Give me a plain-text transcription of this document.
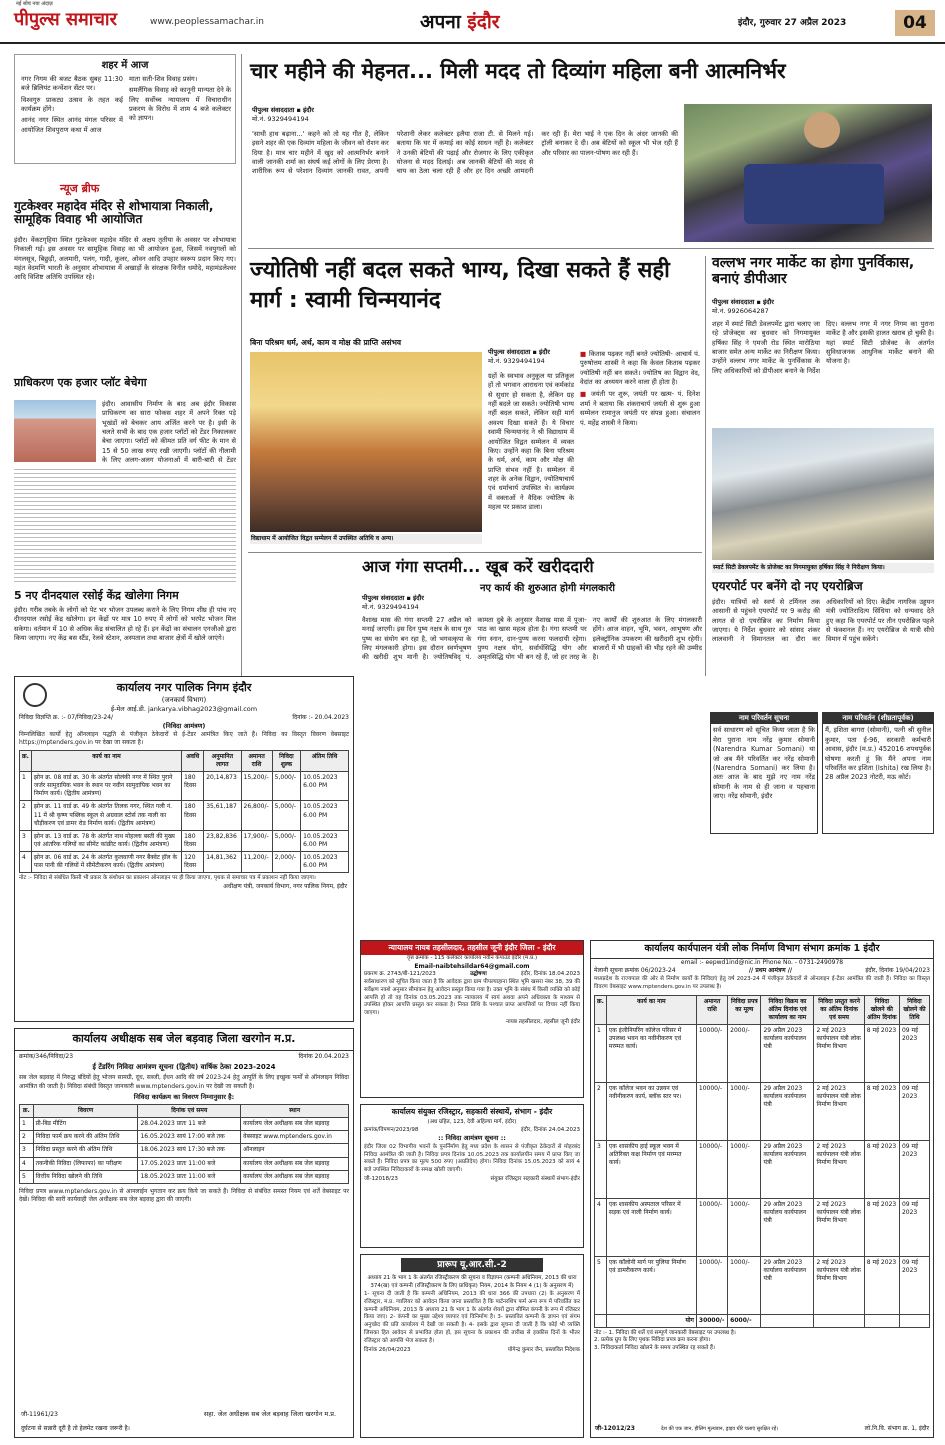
नई सोच नया अंदाज़
पीपुल्स समाचार	www.peoplessamachar.in	अपना इंदौर	इंदौर, गुरुवार 27 अप्रैल 2023	04
शहर में आज
नगर निगम की बजट बैठक सुबह 11:30 बजे ब्रिलियंट कन्वेंशन सेंटर पर।
विश्वगुरु प्राकट्य उत्सव के तहत कई कार्यक्रम होंगे।
आनंद नगर स्थित आनंद मंगल परिसर में आयोजित शिवपुराण कथा में आज
माता सती-शिव विवाह प्रसंग।
समलैंगिक विवाह को कानूनी मान्यता देने के लिए सर्वोच्च न्यायालय में विचाराधीन प्रकरण के विरोध में शाम 4 बजे कलेक्टर को ज्ञापन।
न्यूज ब्रीफ
गुटकेश्वर महादेव मंदिर से शोभायात्रा निकाली, सामूहिक विवाह भी आयोजित
इंदौर। वेंकटगृहिया स्थित गुटकेश्वर महादेव मंदिर से अक्षय तृतीया के अवसर पर शोभायात्रा निकाली गई। इस अवसर पर सामूहिक विवाह का भी आयोजन हुआ, जिसमें नवयुगलों को मंगलसूत्र, बिछुड़ी, अलमारी, पलंग, गादी, कूलर, ओवन आदि उपहार स्वरूप प्रदान किए गए। महंत वेदमणि भारती के अनुसार शोभायात्रा में अखाड़ों के संरक्षक विनीत धमोदे, महामंडलेश्वर आदि विशिष्ट अतिथि उपस्थित रहे।
प्राधिकरण एक हजार प्लॉट बेचेगा
इंदौर। आवासीय निर्माण के बाद अब इंदौर विकास प्राधिकरण का सारा फोकस शहर में अपने रिक्त पड़े भूखंडों को बेचकर आय अर्जित करने पर है। इसी के चलते सभी के बाद एक हजार प्लॉटों को टेंडर निकालकर बेचा जाएगा। प्लॉटों को कीमत प्रति वर्ग फीट के मान से 15 से 50 लाख रुपए रखी जाएगी। प्लॉटों की नीलामी के लिए अलग-अलग योजनाओं में बारी-बारी से टेंडर
5 नए दीनदयाल रसोई केंद्र खोलेगा निगम
इंदौर। गरीब तबके के लोगों को पेट भर भोजन उपलब्ध कराने के लिए निगम शीघ्र ही पांच नए दीनदयाल रसोई केंद्र खोलेगा। इन केंद्रों पर मात्र 10 रुपए में लोगों को भरपेट भोजन मिल सकेगा। वर्तमान में 10 से अधिक केंद्र संचालित हो रहे हैं। इन केंद्रों का संचालन एनजीओ द्वारा किया जाएगा। नए केंद्र बस स्टैंड, रेलवे स्टेशन, अस्पताल तथा बाजार क्षेत्रों में खोले जाएंगे।
चार महीने की मेहनत... मिली मदद तो दिव्यांग महिला बनी आत्मनिर्भर
पीपुल्स संवाददाता ▪ इंदौर
मो.नं. 9329494194
'साथी हाथ बढ़ाना...' कहने को तो यह गीत है, लेकिन इसने शहर की एक दिव्यांग महिला के जीवन को रोशन कर दिया है। मात्र चार महीने में खुद को आत्मनिर्भर बनाने वाली जानकी शर्मा का संघर्ष कई लोगों के लिए प्रेरणा है। शारीरिक रूप से परेशान दिव्यांग जानकी रावत, अपनी परेशानी लेकर कलेक्टर इलैया राजा टी. से मिलने गई। बताया कि घर में कमाई का कोई साधन नहीं है। कलेक्टर ने उनकी बेटियों की पढ़ाई और रोजगार के लिए एकीकृत योजना से मदद दिलाई। अब जानकी बेटियों की मदद से चाय का ठेला चला रही हैं और हर दिन अच्छी आमदनी कर रही हैं। मेरा भाई ने एक दिन के अंदर जानकी की ट्रॉली बनाकर दे दी। अब बेटियों को स्कूल भी भेज रही हैं और परिवार का पालन-पोषण कर रही हैं।
ज्योतिषी नहीं बदल सकते भाग्य, दिखा सकते हैं सही मार्ग : स्वामी चिन्मयानंद
बिना परिश्रम धर्म, अर्थ, काम व मोक्ष की प्राप्ति असंभव
विद्याधाम में आयोजित विद्वत सम्मेलन में उपस्थित अतिथि व अन्य।
पीपुल्स संवाददाता ▪ इंदौर
मो.नं. 9329494194
ग्रहों के स्वभाव अनुकूल या प्रतिकूल हों तो भगवान आराधना एवं कर्मकांड से सुधार हो सकता है, लेकिन ग्रह नहीं बदले जा सकते। ज्योतिषी भाग्य नहीं बदल सकते, लेकिन सही मार्ग अवश्य दिखा सकते हैं। ये विचार स्वामी चिन्मयानंद ने श्री विद्याधाम में आयोजित विद्वत सम्मेलन में व्यक्त किए। उन्होंने कहा कि बिना परिश्रम के धर्म, अर्थ, काम और मोक्ष की प्राप्ति संभव नहीं है। सम्मेलन में शहर के अनेक विद्वान, ज्योतिषाचार्य एवं धर्माचार्य उपस्थित थे। कार्यक्रम में वक्ताओं ने वैदिक ज्योतिष के महत्व पर प्रकाश डाला।
■ किताब पढ़कर नहीं बनते ज्योतिषी- आचार्य पं. पुरुषोत्तम शास्त्री ने कहा कि केवल किताब पढ़कर ज्योतिषी नहीं बन सकते। ज्योतिष का विद्वान वेद, वेदांत का अध्ययन करने वाला ही होता है।
■ जयंती पर शुरू, जयंती पर खत्म- पं. दिनेश शर्मा ने बताया कि शंकराचार्य जयंती से शुरू हुआ सम्मेलन रामानुज जयंती पर संपन्न हुआ। संचालन पं. महेंद्र शास्त्री ने किया।
वल्लभ नगर मार्केट का होगा पुनर्विकास, बनाएं डीपीआर
पीपुल्स संवाददाता ▪ इंदौर
मो.नं. 9926064287
शहर में स्मार्ट सिटी डेवलपमेंट द्वारा चलाए जा रहे प्रोजेक्ट्स का बुधवार को निगमायुक्त हर्षिका सिंह ने एमजी रोड स्थित मारोठिया बाजार समेत अन्य मार्केट का निरीक्षण किया। उन्होंने वल्लभ नगर मार्केट के पुनर्विकास के लिए अधिकारियों को डीपीआर बनाने के निर्देश दिए। वल्लभ नगर में नगर निगम का पुराना मार्केट है और इसकी हालत खराब हो चुकी है। यहां स्मार्ट सिटी प्रोजेक्ट के अंतर्गत सुविधाजनक आधुनिक मार्केट बनाने की योजना है।
स्मार्ट सिटी डेवलपमेंट के प्रोजेक्ट का निगमायुक्त हर्षिका सिंह ने निरीक्षण किया।
एयरपोर्ट पर बनेंगे दो नए एयरोब्रिज
इंदौर। यात्रियों को स्वर्ण से टर्मिनल तक आसानी से पहुंचने एयरपोर्ट पर 9 करोड़ की लागत से दो एयरोब्रिज का निर्माण किया जाएगा। ये निर्देश बुधवार को सांसद शंकर लालवानी ने विमानतल का दौरा कर अधिकारियों को दिए। केंद्रीय नागरिक उड्डयन मंत्री ज्योतिरादित्य सिंधिया को धन्यवाद देते हुए कहा कि एयरपोर्ट पर तीन एयरोब्रिज पहले से फंक्शनल हैं। नए एयरोब्रिज से यात्री सीधे विमान में पहुंच सकेंगे।
नाम परिवर्तन सूचना
सर्व साधारण को सूचित किया जाता है कि मेरा पुराना नाम नरेंद्र कुमार सोमानी (Narendra Kumar Somani) था जो अब मैंने परिवर्तित कर नरेंद्र सोमानी (Narendra Somani) कर लिया है। अतः आज के बाद मुझे नए नाम नरेंद्र सोमानी के नाम से ही जाना व पहचाना जाए। नरेंद्र सोमानी, इंदौर
नाम परिवर्तन (शीघ्रतापूर्वक)
मैं, इशिता बागरा (सोमानी), पत्नी श्री सुनील कुमार, पता ई-96, सरकारी कर्मचारी आवास, इंदौर (म.प्र.) 452016 शपथपूर्वक घोषणा करती हूं कि मैंने अपना नाम परिवर्तित कर इशिता (Ishita) रख लिया है। 28 अप्रैल 2023 नोटरी, मऊ कोर्ट।
आज गंगा सप्तमी... खूब करें खरीददारी
नए कार्य की शुरुआत होगी मंगलकारी
पीपुल्स संवाददाता ▪ इंदौर
मो.नं. 9329494194
वैशाख मास की गंगा सप्तमी 27 अप्रैल को मनाई जाएगी। इस दिन पुष्य नक्षत्र के साथ गुरु पुष्य का संयोग बन रहा है, जो भगवत्कृपा के लिए मंगलकारी होगा। इस दौरान स्वर्णभूषण की खरीदी शुभ मानी है। ज्योतिषविद् पं. कामता दुबे के अनुसार वैशाख मास में पूजा-पाठ का खास महत्व होता है। गंगा सप्तमी पर गंगा स्नान, दान-पुण्य करना फलदायी रहेगा। पुण्य नक्षत्र योग, सर्वार्थसिद्धि योग और अमृतसिद्धि योग भी बन रहे हैं, जो हर तरह के नए कार्यों की शुरुआत के लिए मंगलकारी होंगे। आज वाहन, भूमि, भवन, आभूषण और इलेक्ट्रॉनिक उपकरण की खरीदारी शुभ रहेगी। बाजारों में भी ग्राहकों की भीड़ रहने की उम्मीद है।
कार्यालय नगर पालिक निगम इंदौर
(जनकार्य विभाग)
ई-मेल आई.डी. jankarya.vibhag2023@gmail.com
निविदा विज्ञप्ति क्र. :- 07/निविदा/23-24/	दिनांक :- 20.04.2023
(निविदा आमंत्रण)
निम्नलिखित कार्यों हेतु ऑनलाइन पद्धति से पंजीकृत ठेकेदारों से ई-टेंडर आमंत्रित किए जाते हैं। निविदा का विस्तृत विवरण वेबसाइट https://mptenders.gov.in पर देखा जा सकता है।
क्र.	कार्य का नाम	अवधि	अनुमानित लागत	अमानत राशि	निविदा शुल्क	अंतिम तिथि
1	झोन क्र. 08 वार्ड क्र. 30 के अंतर्गत सोलंकी नगर में स्थित पुराने जर्जर सामुदायिक भवन के स्थान पर नवीन सामुदायिक भवन का निर्माण कार्य। (द्वितीय आमंत्रण)	180 दिवस	20,14,873	15,200/-	5,000/-	10.05.2023 6.00 PM
2	झोन क्र. 11 वार्ड क्र. 49 के अंतर्गत तिलक नगर, स्थित गली नं. 11 में श्री कृष्ण पब्लिक स्कूल से अग्रवाल स्टोर्स तक नाली का चौड़ीकरण एवं डामर रोड निर्माण कार्य। (द्वितीय आमंत्रण)	180 दिवस	35,61,187	26,800/-	5,000/-	10.05.2023 6.00 PM
3	झोन क्र. 13 वार्ड क्र. 78 के अंतर्गत नाथ मोहल्ला बस्ती की मुख्य एवं आंतरिक गलियों का सीमेंट कांक्रीट कार्य। (द्वितीय आमंत्रण)	180 दिवस	23,82,836	17,900/-	5,000/-	10.05.2023 6.00 PM
4	झोन क्र. 06 वार्ड क्र. 24 के अंतर्गत कुलवाणी नगर बैंक्वेट हॉल के पास पानी की गलियों में सीमेंटीकरण कार्य। (द्वितीय आमंत्रण)	120 दिवस	14,81,362	11,200/-	2,000/-	10.05.2023 6.00 PM
नोट :- निविदा से संबंधित किसी भी प्रकार के संशोधन का प्रकाशन ऑनलाइन पर ही किया जाएगा, पृथक से समाचार पत्र में प्रकाशन नहीं किया जाएगा।
अधीक्षण यंत्री, जनकार्य विभाग, नगर पालिक निगम, इंदौर
कार्यालय अधीक्षक सब जेल बड़वाह जिला खरगोन म.प्र.
क्रमांक/346/निविदा/23	दिनांक 20.04.2023
ई टेंडरिंग निविदा आमंत्रण सूचना (द्वितीय) वार्षिक ठेका 2023-2024
सब जेल बड़वाह में निरुद्ध बंदियों हेतु भोजन सामग्री, दूध, सब्जी, ईंधन आदि की वर्ष 2023-24 हेतु आपूर्ति के लिए इच्छुक फर्मों से ऑनलाइन निविदा आमंत्रित की जाती है। निविदा संबंधी विस्तृत जानकारी www.mptenders.gov.in पर देखी जा सकती है।
निविदा कार्यक्रम का विवरण निम्नानुसार है:
क्र.	विवरण	दिनांक एवं समय	स्थान
1	प्री-बिड मीटिंग	28.04.2023 प्रातः 11 बजे	कार्यालय जेल अधीक्षक सब जेल बड़वाह
2	निविदा फार्म क्रय करने की अंतिम तिथि	16.05.2023 सायं 17:00 बजे तक	वेबसाइट www.mptenders.gov.in
3	निविदा प्रस्तुत करने की अंतिम तिथि	18.06.2023 सायं 17:30 बजे तक	ऑनलाइन
4	तकनीकी निविदा (लिफाफा) का परीक्षण	17.05.2023 प्रातः 11:00 बजे	कार्यालय जेल अधीक्षक सब जेल बड़वाह
5	वित्तीय निविदा खोलने की तिथि	18.05.2023 प्रातः 11:00 बजे	कार्यालय जेल अधीक्षक सब जेल बड़वाह
निविदा प्रपत्र www.mptenders.gov.in से आनलाईन भुगतान कर क्रय किये जा सकते हैं। निविदा से संबंधित समस्त नियम एवं शर्तें वेबसाइट पर देखें। निविदा की सारी कार्यवाही जेल अधीक्षक सब जेल बड़वाह द्वारा की जाएगी।
जी-11961/23	सहा. जेल अधीक्षक सब जेल बड़वाह जिला खरगोन म.प्र.
दुर्घटना से सन्नारी दूरी है तो हेलमेट रखना जरूरी है।
न्यायालय नायब तहसीलदार, तहसील जूनी इंदौर जिला - इंदौर
वृत्त क्रमांक - 115 कलेक्टर कार्यालय नवीन कंपाउंड इंदौर (म.प्र.)
Email-naibtehsildar64@gmail.com
प्रकरण क्र. 2743/बी-121/2023	उद्घोषणा	इंदौर, दिनांक 18.04.2023
सर्वसाधारण को सूचित किया जाता है कि आवेदक द्वारा ग्राम पीपल्याहाना स्थित भूमि खसरा नंबर 38, 39 की सर्वेक्षण नक्शे अनुसार सीमांकन हेतु आवेदन प्रस्तुत किया गया है। उक्त भूमि के संबंध में किसी व्यक्ति को कोई आपत्ति हो तो वह दिनांक 03.05.2023 तक न्यायालय में स्वयं अथवा अपने अधिवक्ता के माध्यम से उपस्थित होकर आपत्ति प्रस्तुत कर सकता है। नियत तिथि के पश्चात प्राप्त आपत्तियों पर विचार नहीं किया जाएगा।
नायब तहसीलदार, तहसील जूनी इंदौर
कार्यालय संयुक्त रजिस्ट्रार, सहकारी संस्थायें, संभाग - इंदौर
(अध ग्रहित, 123, देवी अहिल्या मार्ग, इंदौर)
क्रमांक/विपणन/2023/98	इंदौर, दिनांक 24.04.2023
:: निविदा आमंत्रण सूचना ::
इंदौर जिला 02 विभागीय भवनों के पुनर्निर्माण हेतु मध्य प्रदेश के शासन से पंजीकृत ठेकेदारों से मोहरबंद निविदा आमंत्रित की जाती है। निविदा प्रपत्र दिनांक 10.05.2023 तक कार्यालयीन समय में प्राप्त किए जा सकते हैं। निविदा प्रपत्र का मूल्य 500 रुपए (अप्रतिदेय) होगा। निविदा दिनांक 15.05.2023 को सायं 4 बजे उपस्थित निविदाकारों के समक्ष खोली जाएगी।
जी-12018/23	संयुक्त रजिस्ट्रार सहकारी संस्थायें संभाग-इंदौर
प्रारूप यू.आर.सी.-2
अध्याय 21 के भाग 1 के अंतर्गत रजिस्ट्रीकरण की सूचना व विज्ञापन (कम्पनी अधिनियम, 2013 की धारा 374(ख) एवं कम्पनी (रजिस्ट्रीकरण के लिए प्राधिकृत) नियम, 2014 के नियम 4 (1) के अनुसरण में)
1- सूचना दी जाती है कि कम्पनी अधिनियम, 2013 की धारा 366 की उपधारा (2) के अनुसरण में रजिस्ट्रार, म.प्र. ग्वालियर को आवेदन किया जाना प्रस्तावित है कि पार्टनरशिप फर्म अन्य रूप में परिवर्तित कर कम्पनी अधिनियम, 2013 के अध्याय 21 के भाग 1 के अंतर्गत शेयरों द्वारा सीमित कंपनी के रूप में रजिस्टर किया जाए। 2- कंपनी का मुख्य उद्देश्य व्यापार एवं विनिर्माण है। 3- प्रस्तावित कम्पनी के ज्ञापन एवं संगम अनुच्छेद की प्रति कार्यालय में देखी जा सकती है। 4- इसके द्वारा सूचना दी जाती है कि कोई भी व्यक्ति जिसका हित आवेदन से प्रभावित होता हो, इस सूचना के प्रकाशन की तारीख से इक्कीस दिनों के भीतर रजिस्ट्रार को आपत्ति भेज सकता है।
दिनांक 26/04/2023	योगेन्द्र कुमार जैन, प्रस्तावित निदेशक
कार्यालय कार्यपालन यंत्री लोक निर्माण विभाग संभाग क्रमांक 1 इंदौर
email :- eepwd1ind@nic.in Phone No. - 0731-2490978
मेलानी सूचना क्रमांक 06/2023-24	// प्रथम आमंत्रण //	इंदौर, दिनांक 19/04/2023
मध्यप्रदेश के राज्यपाल की ओर से निर्माण कार्यों के निविदाएं हेतु वर्ष 2023-24 में पंजीकृत ठेकेदारों से ऑनलाइन ई-टेंडर आमंत्रित की जाती हैं। निविदा का विस्तृत विवरण वेबसाइट www.mptenders.gov.in पर उपलब्ध है।
क्र.	कार्य का नाम	अमानत राशि	निविदा प्रपत्र का मूल्य	निविदा विक्रय का अंतिम दिनांक एवं कार्यालय का नाम	निविदा प्रस्तुत करने का अंतिम दिनांक एवं समय	निविदा खोलने की अंतिम दिनांक	निविदा खोलने की तिथि
1	एक इंजीनियरिंग कॉलेज परिसर में उपलब्ध भवन का नवीनीकरण एवं मरम्मत कार्य।	10000/-	2000/-	29 अप्रैल 2023 कार्यालय कार्यपालन यंत्री	2 मई 2023 कार्यपालन यंत्री लोक निर्माण विभाग	8 मई 2023	09 मई 2023
2	एक कॉलेज भवन का उन्नयन एवं नवीनीकरण कार्य, ब्लॉक स्तर पर।	10000/-	1000/-	29 अप्रैल 2023 कार्यालय कार्यपालन यंत्री	2 मई 2023 कार्यपालन यंत्री लोक निर्माण विभाग	8 मई 2023	09 मई 2023
3	एक शासकीय हाई स्कूल भवन में अतिरिक्त कक्ष निर्माण एवं मरम्मत कार्य।	10000/-	1000/-	29 अप्रैल 2023 कार्यालय कार्यपालन यंत्री	2 मई 2023 कार्यपालन यंत्री लोक निर्माण विभाग	8 मई 2023	09 मई 2023
4	एक शासकीय अस्पताल परिसर में सड़क एवं नाली निर्माण कार्य।	10000/-	1000/-	29 अप्रैल 2023 कार्यालय कार्यपालन यंत्री	2 मई 2023 कार्यपालन यंत्री लोक निर्माण विभाग	8 मई 2023	09 मई 2023
5	एक कॉलोनी मार्ग पर पुलिया निर्माण एवं डामरीकरण कार्य।	10000/-	1000/-	29 अप्रैल 2023 कार्यालय कार्यपालन यंत्री	2 मई 2023 कार्यपालन यंत्री लोक निर्माण विभाग	8 मई 2023	09 मई 2023
	योग	30000/-	6000/-				
नोट :- 1. निविदा की शर्ते एवं सम्पूर्ण जानकारी वेबसाइट पर उपलब्ध है।
2. प्रत्येक ग्रुप के लिए पृथक निविदा प्रपत्र क्रय करना होगा।
3. निविदाकर्ता निविदा खोलने के समय उपस्थित रह सकते हैं।
जी-12012/23	देश की एक जान, हीलिंग मूल्यवान, ड्राइव धीरे चलाएं सुरक्षित रहें।	लो.नि.वि. संभाग क्र. 1, इंदौर
